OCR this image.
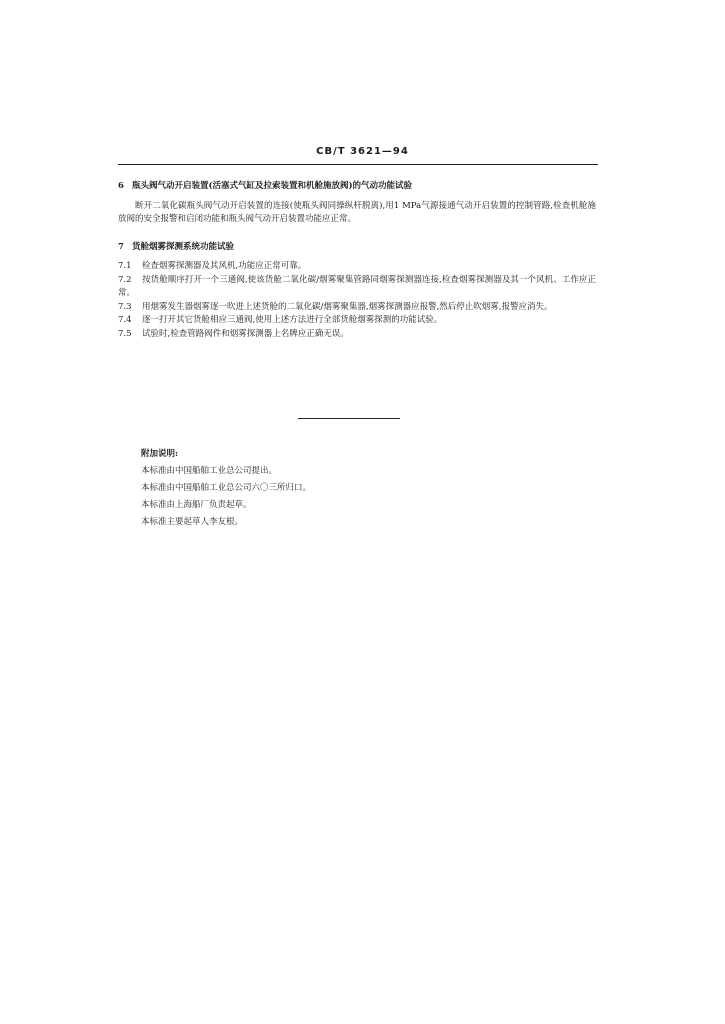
CB/T 3621—94

6 瓶头阀气动开启装置(活塞式气缸及拉索装置和机舱施放阀)的气动功能试验

断开二氧化碳瓶头阀气动开启装置的连接(使瓶头阀同操纵杆脱离),用1 MPa气源接通气动开启装置的控制管路,检查机舱施放阀的安全报警和启闭功能和瓶头阀气动开启装置功能应正常。

7 货舱烟雾探测系统功能试验

7.1 检查烟雾探测器及其风机,功能应正常可靠。

7.2 按货舱顺序打开一个三通阀,使该货舱二氧化碳/烟雾聚集管路同烟雾探测器连接,检查烟雾探测器及其一个风机、工作应正常。

7.3 用烟雾发生器烟雾逐一吹进上述货舱的二氧化碳/烟雾聚集器,烟雾探测器应报警,然后停止吹烟雾,报警应消失。

7.4 逐一打开其它货舱相应三通阀,使用上述方法进行全部货舱烟雾探测的功能试验。

7.5 试验时,检查管路阀件和烟雾探测器上名牌应正确无误。

附加说明:
本标准由中国船舶工业总公司提出。
本标准由中国船舶工业总公司六〇三所归口。
本标准由上海船厂负责起草。
本标准主要起草人李友根。
